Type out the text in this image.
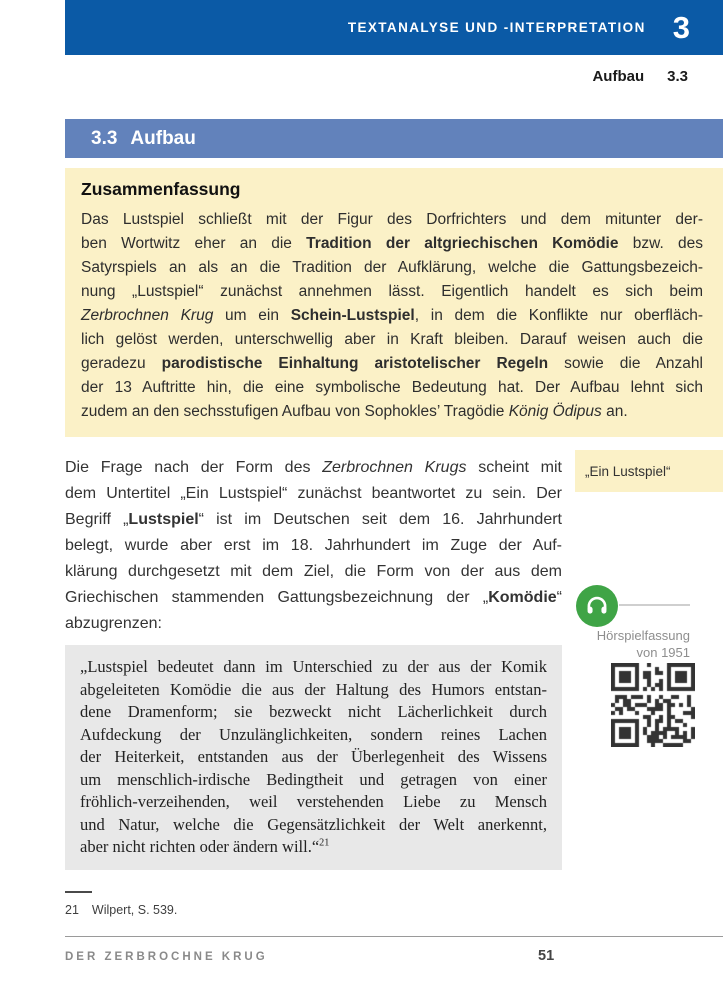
TEXTANALYSE UND -INTERPRETATION 3
Aufbau 3.3
3.3 Aufbau
Zusammenfassung
Das Lustspiel schließt mit der Figur des Dorfrichters und dem mitunter der-
ben Wortwitz eher an die Tradition der altgriechischen Komödie bzw. des
Satyrspiels an als an die Tradition der Aufklärung, welche die Gattungsbezeich-
nung „Lustspiel“ zunächst annehmen lässt. Eigentlich handelt es sich beim
Zerbrochnen Krug um ein Schein-Lustspiel, in dem die Konflikte nur oberfläch-
lich gelöst werden, unterschwellig aber in Kraft bleiben. Darauf weisen auch die
geradezu parodistische Einhaltung aristotelischer Regeln sowie die Anzahl
der 13 Auftritte hin, die eine symbolische Bedeutung hat. Der Aufbau lehnt sich
zudem an den sechsstufigen Aufbau von Sophokles’ Tragödie König Ödipus an.
Die Frage nach der Form des Zerbrochnen Krugs scheint mit
dem Untertitel „Ein Lustspiel“ zunächst beantwortet zu sein. Der
Begriff „Lustspiel“ ist im Deutschen seit dem 16. Jahrhundert
belegt, wurde aber erst im 18. Jahrhundert im Zuge der Auf-
klärung durchgesetzt mit dem Ziel, die Form von der aus dem
Griechischen stammenden Gattungsbezeichnung der „Komödie“
abzugrenzen:
„Ein Lustspiel“
Hörspielfassung
von 1951
„Lustspiel bedeutet dann im Unterschied zu der aus der Komik
abgeleiteten Komödie die aus der Haltung des Humors entstan-
dene Dramenform; sie bezweckt nicht Lächerlichkeit durch
Aufdeckung der Unzulänglichkeiten, sondern reines Lachen
der Heiterkeit, entstanden aus der Überlegenheit des Wissens
um menschlich-irdische Bedingtheit und getragen von einer
fröhlich-verzeihenden, weil verstehenden Liebe zu Mensch
und Natur, welche die Gegensätzlichkeit der Welt anerkennt,
aber nicht richten oder ändern will.“$^{21}$
21 Wilpert, S. 539.
DER ZERBROCHNE KRUG	51
